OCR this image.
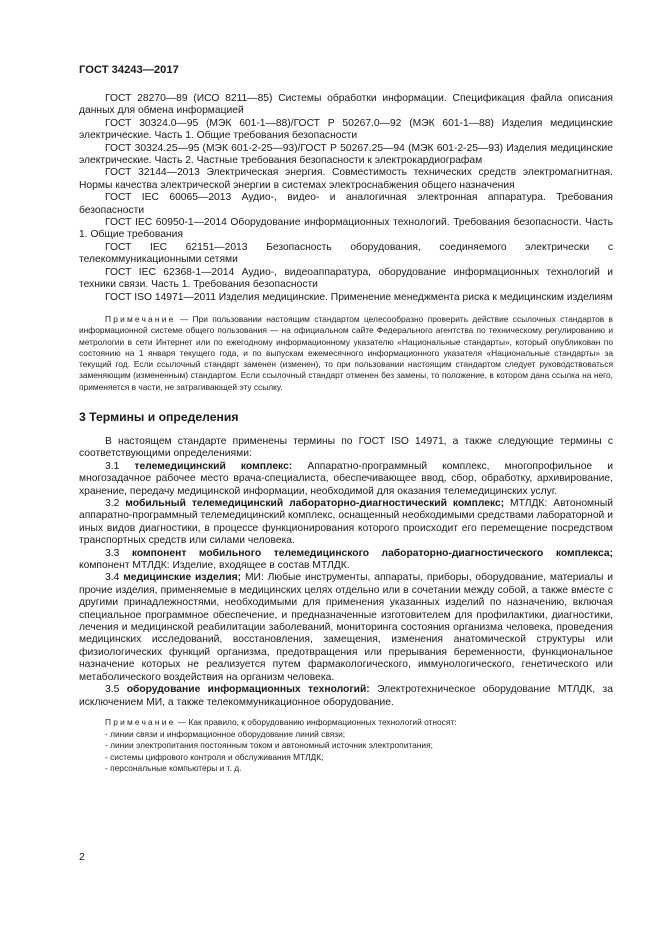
ГОСТ 34243—2017

ГОСТ 28270—89 (ИСО 8211—85) Системы обработки информации. Спецификация файла описания данных для обмена информацией

ГОСТ 30324.0—95 (МЭК 601-1—88)/ГОСТ Р 50267.0—92 (МЭК 601-1—88) Изделия медицинские электрические. Часть 1. Общие требования безопасности

ГОСТ 30324.25—95 (МЭК 601-2-25—93)/ГОСТ Р 50267.25—94 (МЭК 601-2-25—93) Изделия медицинские электрические. Часть 2. Частные требования безопасности к электрокардиографам

ГОСТ 32144—2013 Электрическая энергия. Совместимость технических средств электромагнитная. Нормы качества электрической энергии в системах электроснабжения общего назначения

ГОСТ IEC 60065—2013 Аудио-, видео- и аналогичная электронная аппаратура. Требования безопасности

ГОСТ IEC 60950-1—2014 Оборудование информационных технологий. Требования безопасности. Часть 1. Общие требования

ГОСТ IEC 62151—2013 Безопасность оборудования, соединяемого электрически с телекоммуникационными сетями

ГОСТ IEC 62368-1—2014 Аудио-, видеоаппаратура, оборудование информационных технологий и техники связи. Часть 1. Требования безопасности

ГОСТ ISO 14971—2011 Изделия медицинские. Применение менеджмента риска к медицинским изделиям

Примечание — При пользовании настоящим стандартом целесообразно проверить действие ссылочных стандартов в информационной системе общего пользования — на официальном сайте Федерального агентства по техническому регулированию и метрологии в сети Интернет или по ежегодному информационному указателю «Национальные стандарты», который опубликован по состоянию на 1 января текущего года, и по выпускам ежемесячного информационного указателя «Национальные стандарты» за текущий год. Если ссылочный стандарт заменен (изменен), то при пользовании настоящим стандартом следует руководствоваться заменяющим (измененным) стандартом. Если ссылочный стандарт отменен без замены, то положение, в котором дана ссылка на него, применяется в части, не затрагивающей эту ссылку.

3 Термины и определения

В настоящем стандарте применены термины по ГОСТ ISO 14971, а также следующие термины с соответствующими определениями:

3.1 телемедицинский комплекс: Аппаратно-программный комплекс, многопрофильное и многозадачное рабочее место врача-специалиста, обеспечивающее ввод, сбор, обработку, архивирование, хранение, передачу медицинской информации, необходимой для оказания телемедицинских услуг.

3.2 мобильный телемедицинский лабораторно-диагностический комплекс; МТЛДК: Автономный аппаратно-программный телемедицинский комплекс, оснащенный необходимыми средствами лабораторной и иных видов диагностики, в процессе функционирования которого происходит его перемещение посредством транспортных средств или силами человека.

3.3 компонент мобильного телемедицинского лабораторно-диагностического комплекса; компонент МТЛДК: Изделие, входящее в состав МТЛДК.

3.4 медицинские изделия; МИ: Любые инструменты, аппараты, приборы, оборудование, материалы и прочие изделия, применяемые в медицинских целях отдельно или в сочетании между собой, а также вместе с другими принадлежностями, необходимыми для применения указанных изделий по назначению, включая специальное программное обеспечение, и предназначенные изготовителем для профилактики, диагностики, лечения и медицинской реабилитации заболеваний, мониторинга состояния организма человека, проведения медицинских исследований, восстановления, замещения, изменения анатомической структуры или физиологических функций организма, предотвращения или прерывания беременности, функциональное назначение которых не реализуется путем фармакологического, иммунологического, генетического или метаболического воздействия на организм человека.

3.5 оборудование информационных технологий: Электротехническое оборудование МТЛДК, за исключением МИ, а также телекоммуникационное оборудование.

Примечание — Как правило, к оборудованию информационных технологий относят:
- линии связи и информационное оборудование линий связи;
- линии электропитания постоянным током и автономный источник электропитания;
- системы цифрового контроля и обслуживания МТЛДК;
- персональные компьютеры и т. д.
2
